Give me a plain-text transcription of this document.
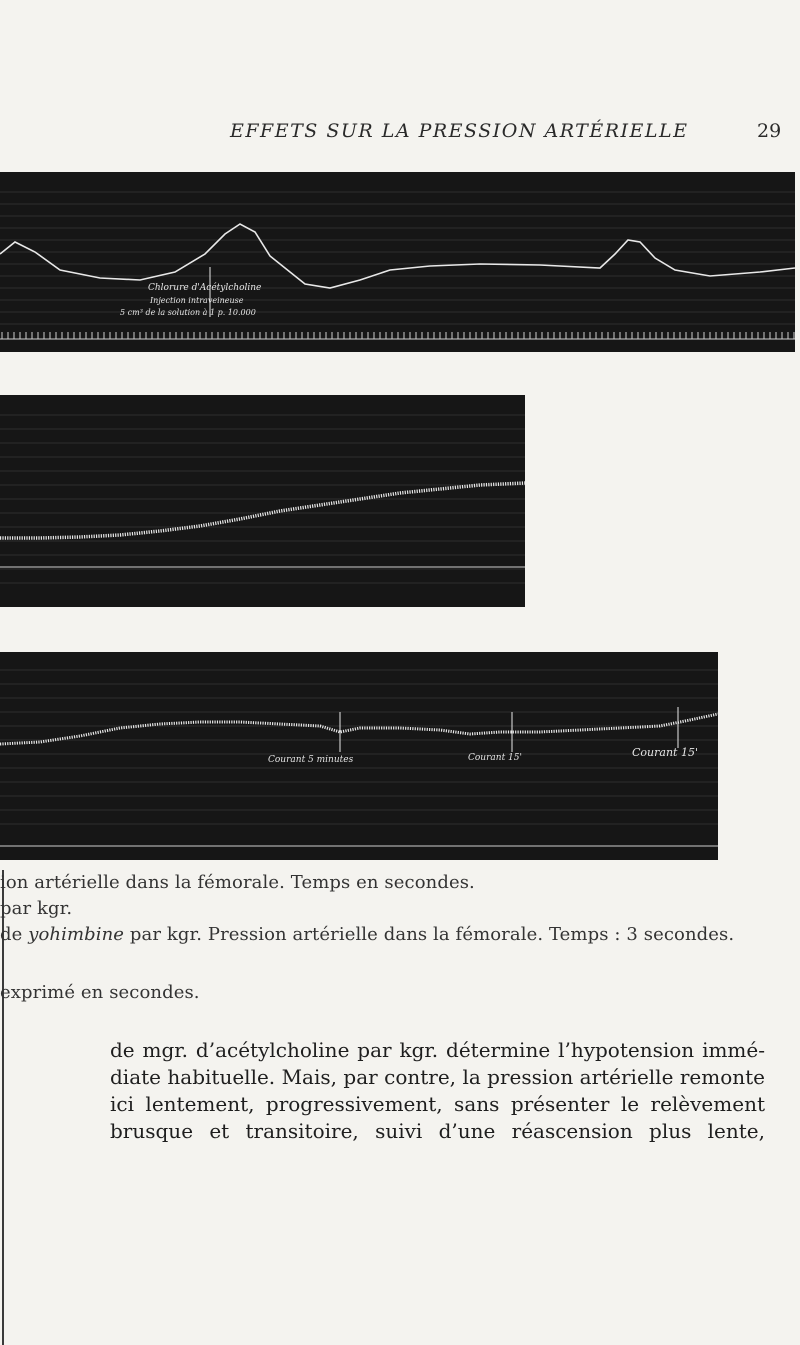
EFFETS SUR LA PRESSION ARTÉRIELLE	29
Chlorure d'Acétylcholine
Injection intraveineuse
5 cm³ de la solution à 1 p. 10.000
Courant 5 minutes	Courant 15'	Courant 15'
ion artérielle dans la fémorale. Temps en secondes.
par kgr.
de yohimbine par kgr. Pression artérielle dans la fémorale. Temps : 3 secondes.
exprimé en secondes.
de mgr. d’acétylcholine par kgr. détermine l’hypotension immé-
diate habituelle. Mais, par contre, la pression artérielle remonte
ici lentement, progressivement, sans présenter le relèvement
brusque et transitoire, suivi d’une réascension plus lente,
